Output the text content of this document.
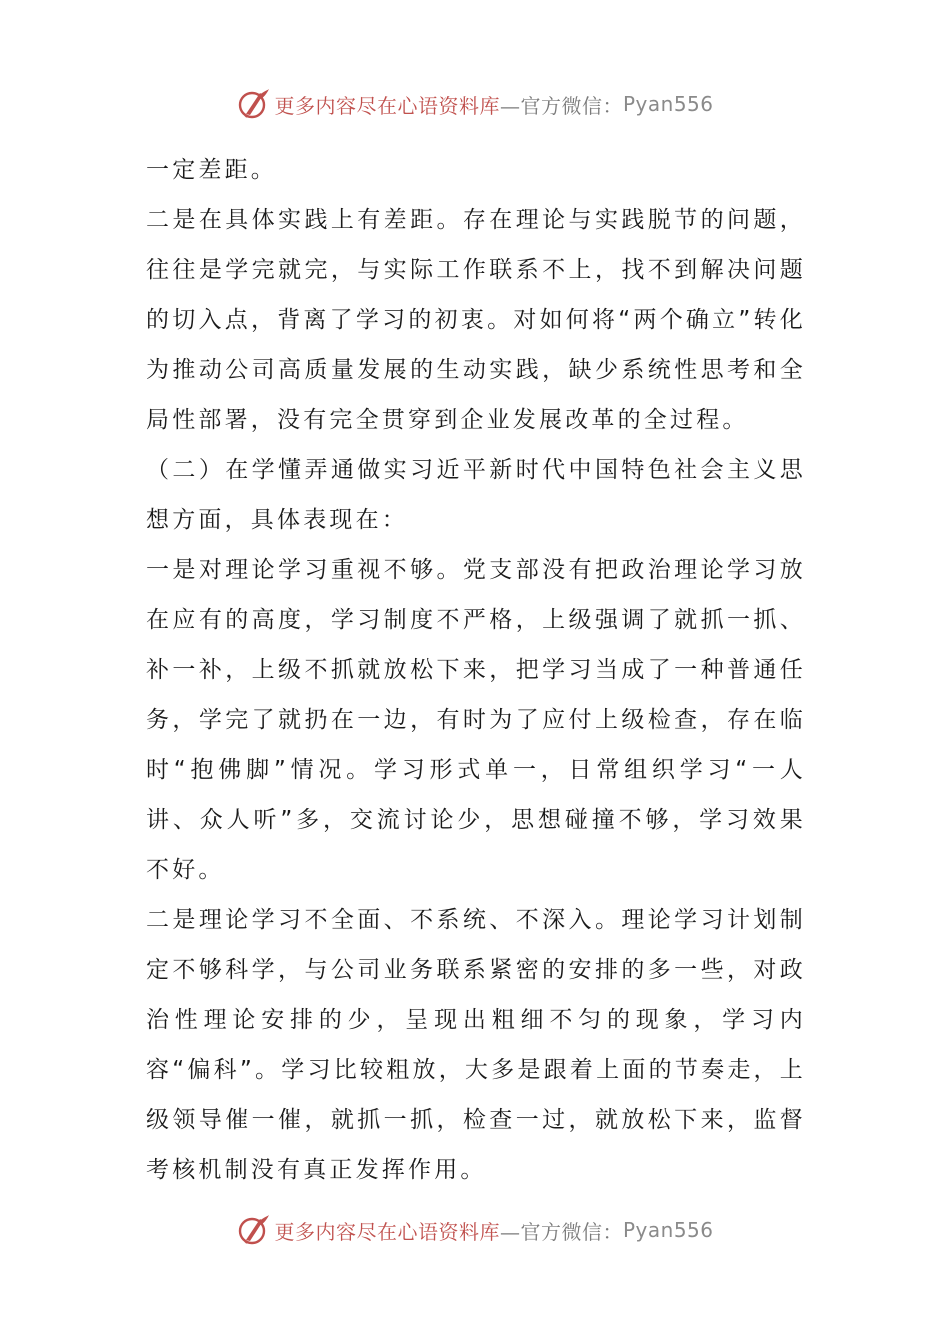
更多内容尽在心语资料库 —官方微信： Pyan556

一定差距。

二是在具体实践上有差距。存在理论与实践脱节的问题，往往是学完就完，与实际工作联系不上，找不到解决问题的切入点，背离了学习的初衷。对如何将“两个确立”转化为推动公司高质量发展的生动实践，缺少系统性思考和全局性部署，没有完全贯穿到企业发展改革的全过程。

（二）在学懂弄通做实习近平新时代中国特色社会主义思想方面，具体表现在：

一是对理论学习重视不够。党支部没有把政治理论学习放在应有的高度，学习制度不严格，上级强调了就抓一抓、补一补，上级不抓就放松下来，把学习当成了一种普通任务，学完了就扔在一边，有时为了应付上级检查，存在临时“抱佛脚”情况。学习形式单一，日常组织学习“一人讲、众人听”多，交流讨论少，思想碰撞不够，学习效果不好。

二是理论学习不全面、不系统、不深入。理论学习计划制定不够科学，与公司业务联系紧密的安排的多一些，对政治性理论安排的少，呈现出粗细不匀的现象，学习内容“偏科”。学习比较粗放，大多是跟着上面的节奏走，上级领导催一催，就抓一抓，检查一过，就放松下来，监督考核机制没有真正发挥作用。

更多内容尽在心语资料库 —官方微信： Pyan556
